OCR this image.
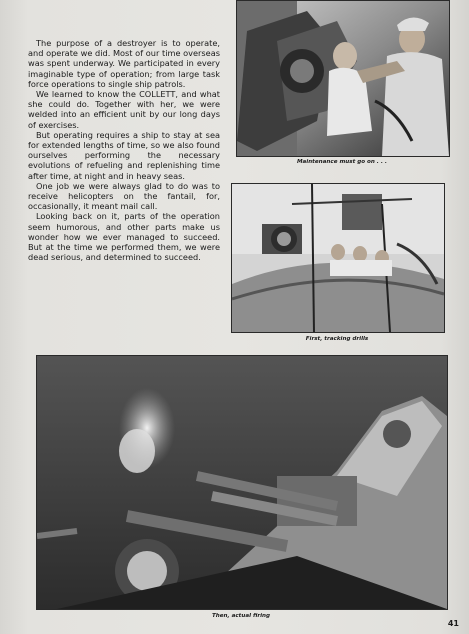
The purpose of a destroyer is to operate, and operate we did. Most of our time overseas was spent underway. We participated in every imaginable type of operation; from large task force operations to single ship patrols.

We learned to know the COLLETT, and what she could do. Together with her, we were welded into an efficient unit by our long days of exercises.

But operating requires a ship to stay at sea for extended lengths of time, so we also found ourselves performing the necessary evolutions of refueling and replenishing time after time, at night and in heavy seas.

One job we were always glad to do was to receive helicopters on the fantail, for, occasionally, it meant mail call.

Looking back on it, parts of the operation seem humorous, and other parts make us wonder how we ever managed to succeed. But at the time we performed them, we were dead serious, and determined to succeed.

Maintenance must go on . . .
First, tracking drills
Then, actual firing
41
